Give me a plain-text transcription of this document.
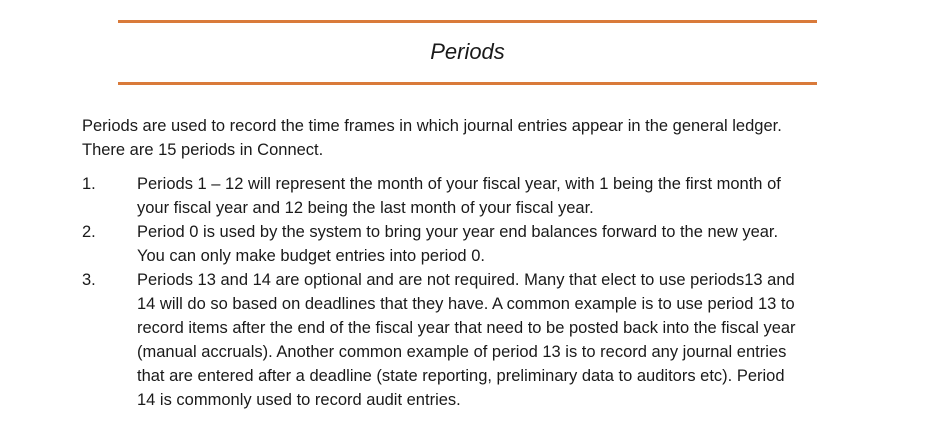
Periods

Periods are used to record the time frames in which journal entries appear in the general ledger.
There are 15 periods in Connect.

1.	Periods 1 – 12 will represent the month of your fiscal year, with 1 being the first month of
your fiscal year and 12 being the last month of your fiscal year.
2.	Period 0 is used by the system to bring your year end balances forward to the new year.
You can only make budget entries into period 0.
3.	Periods 13 and 14 are optional and are not required. Many that elect to use periods13 and
14 will do so based on deadlines that they have. A common example is to use period 13 to
record items after the end of the fiscal year that need to be posted back into the fiscal year
(manual accruals). Another common example of period 13 is to record any journal entries
that are entered after a deadline (state reporting, preliminary data to auditors etc). Period
14 is commonly used to record audit entries.
